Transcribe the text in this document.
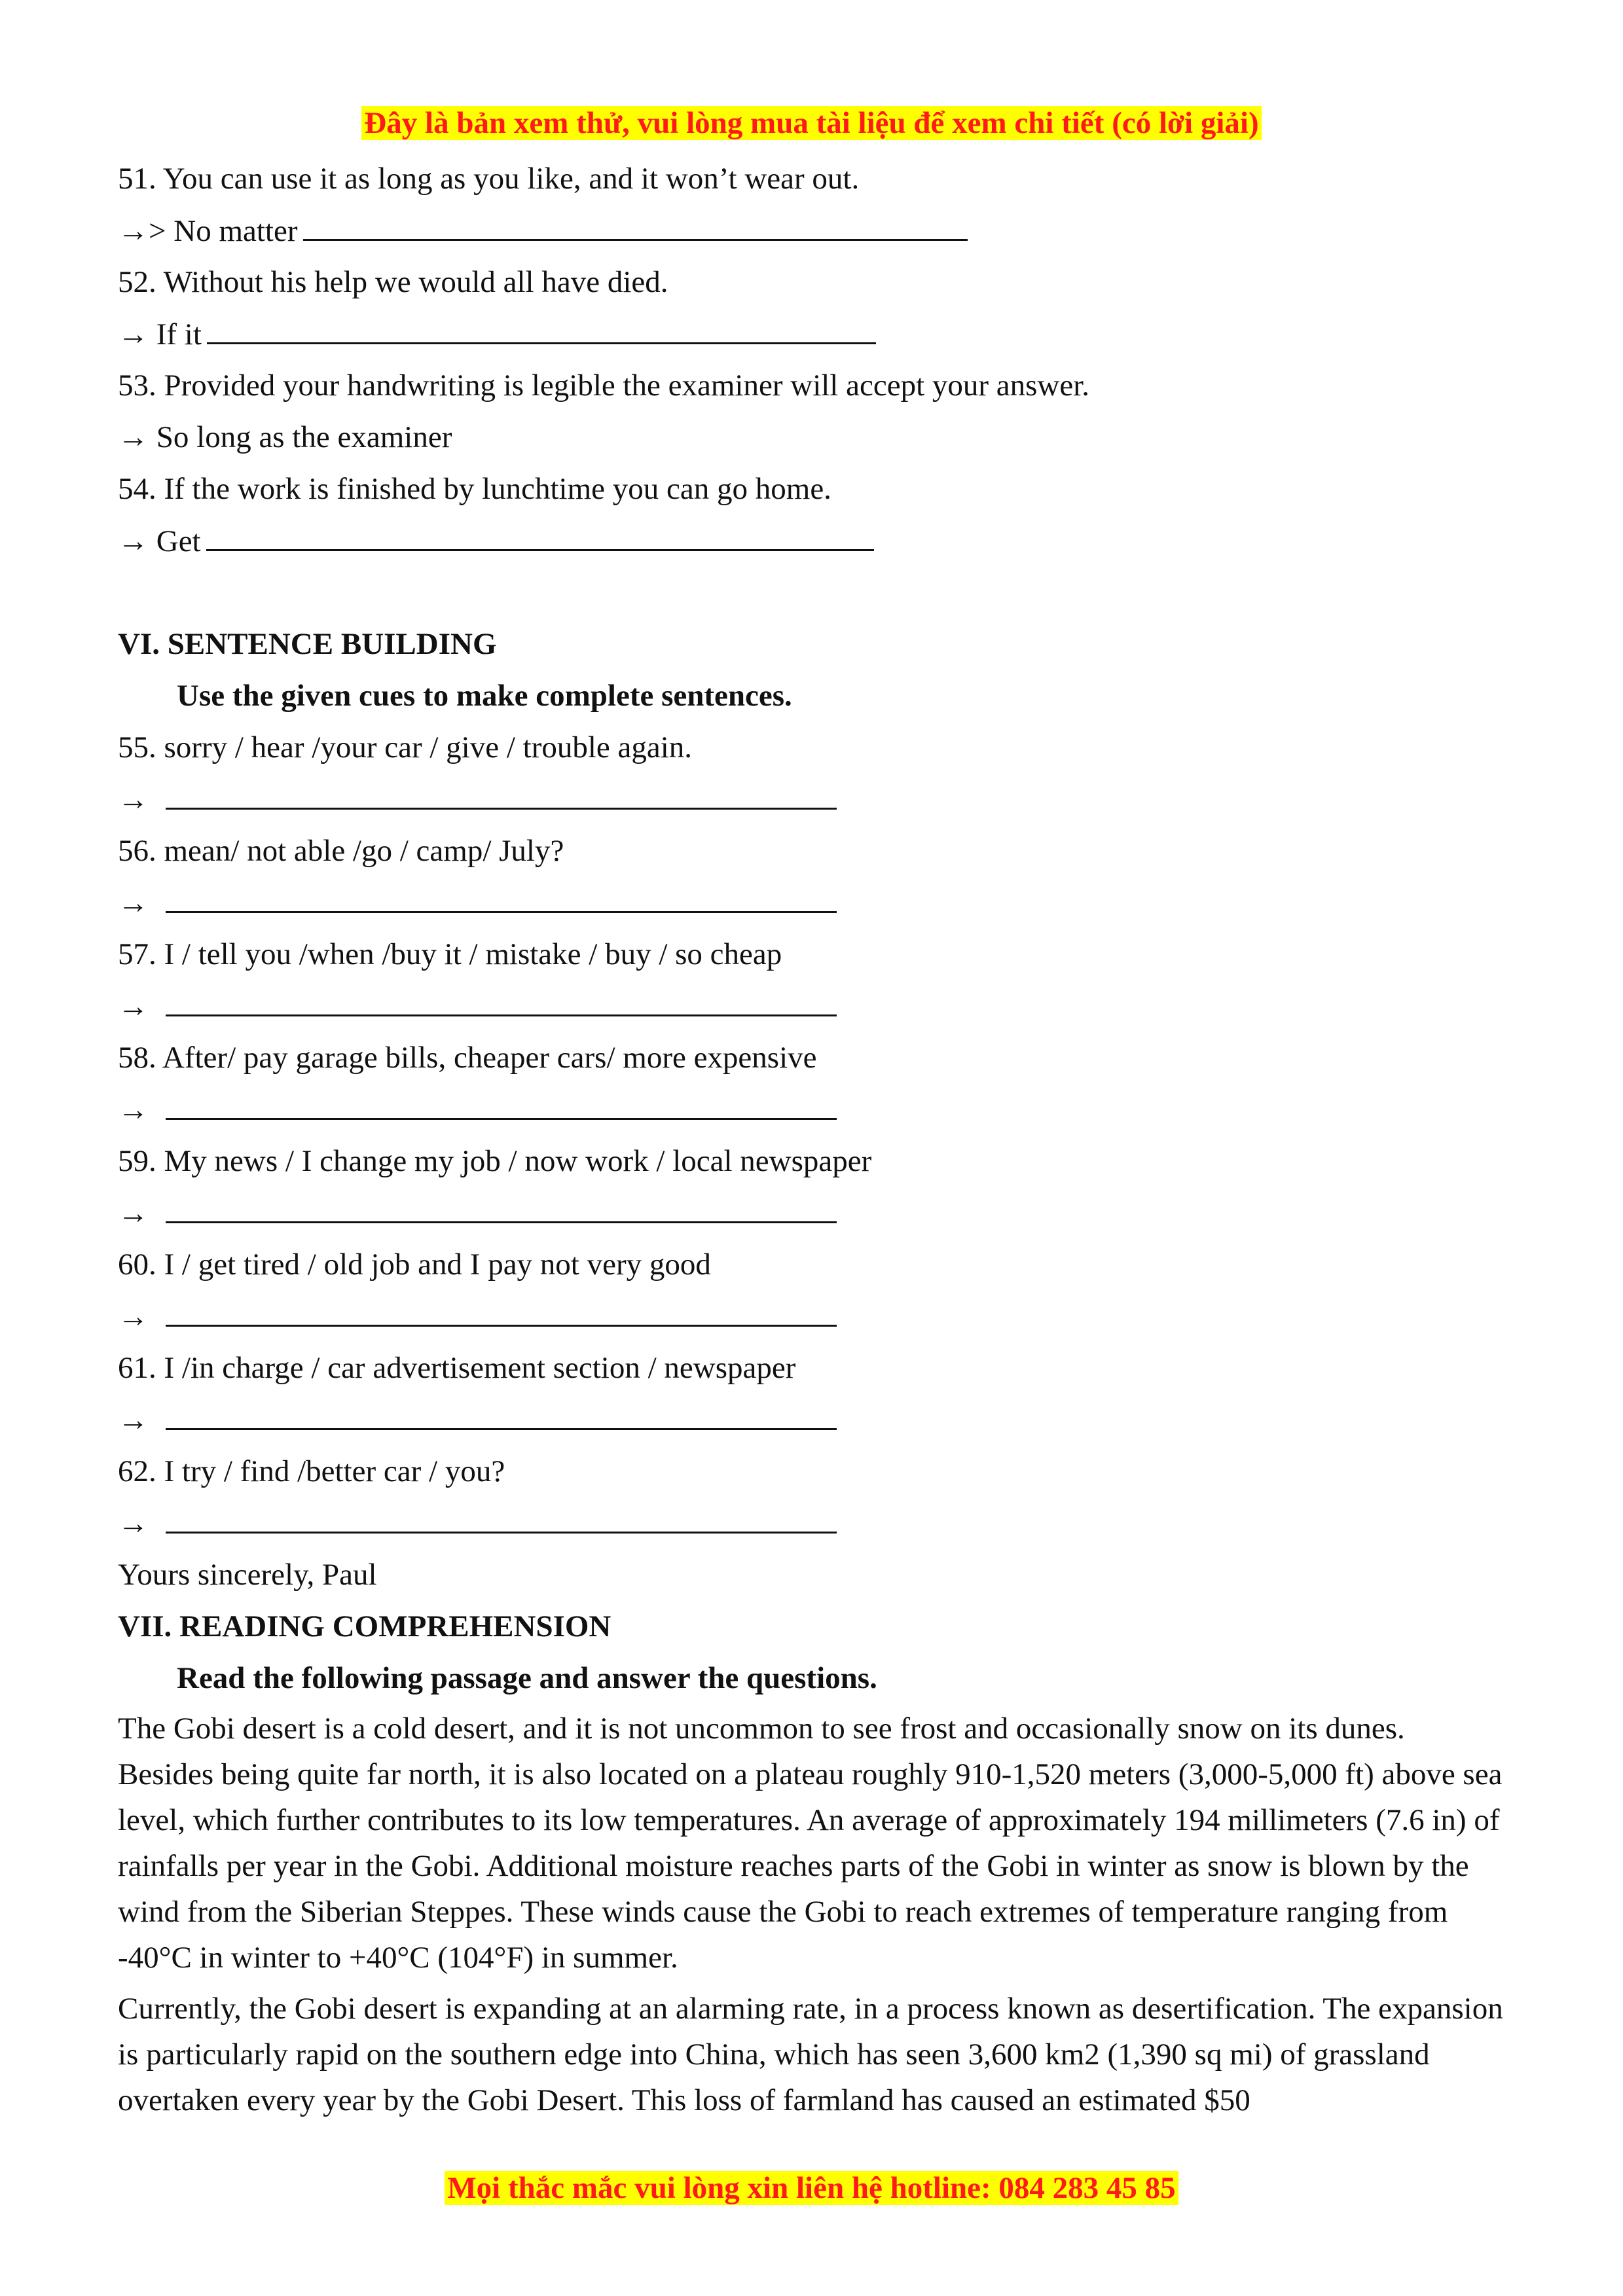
Đây là bản xem thử, vui lòng mua tài liệu để xem chi tiết (có lời giải)
51. You can use it as long as you like, and it won’t wear out.
→> No matter
52. Without his help we would all have died.
→ If it
53. Provided your handwriting is legible the examiner will accept your answer.
→ So long as the examiner
54. If the work is finished by lunchtime you can go home.
→ Get
VI. SENTENCE BUILDING
Use the given cues to make complete sentences.
55. sorry / hear /your car / give / trouble again.
→
56. mean/ not able /go / camp/ July?
→
57. I / tell you /when /buy it / mistake / buy / so cheap
→
58. After/ pay garage bills, cheaper cars/ more expensive
→
59. My news / I change my job / now work / local newspaper
→
60. I / get tired / old job and I pay not very good
→
61. I /in charge / car advertisement section / newspaper
→
62. I try / find /better car / you?
→
Yours sincerely, Paul
VII. READING COMPREHENSION
Read the following passage and answer the questions.

The Gobi desert is a cold desert, and it is not uncommon to see frost and occasionally snow on its dunes. Besides being quite far north, it is also located on a plateau roughly 910-1,520 meters (3,000-5,000 ft) above sea level, which further contributes to its low temperatures. An average of approximately 194 millimeters (7.6 in) of rainfalls per year in the Gobi. Additional moisture reaches parts of the Gobi in winter as snow is blown by the wind from the Siberian Steppes. These winds cause the Gobi to reach extremes of temperature ranging from -40°C in winter to +40°C (104°F) in summer.

Currently, the Gobi desert is expanding at an alarming rate, in a process known as desertification. The expansion is particularly rapid on the southern edge into China, which has seen 3,600 km2 (1,390 sq mi) of grassland overtaken every year by the Gobi Desert. This loss of farmland has caused an estimated $50

Mọi thắc mắc vui lòng xin liên hệ hotline: 084 283 45 85
